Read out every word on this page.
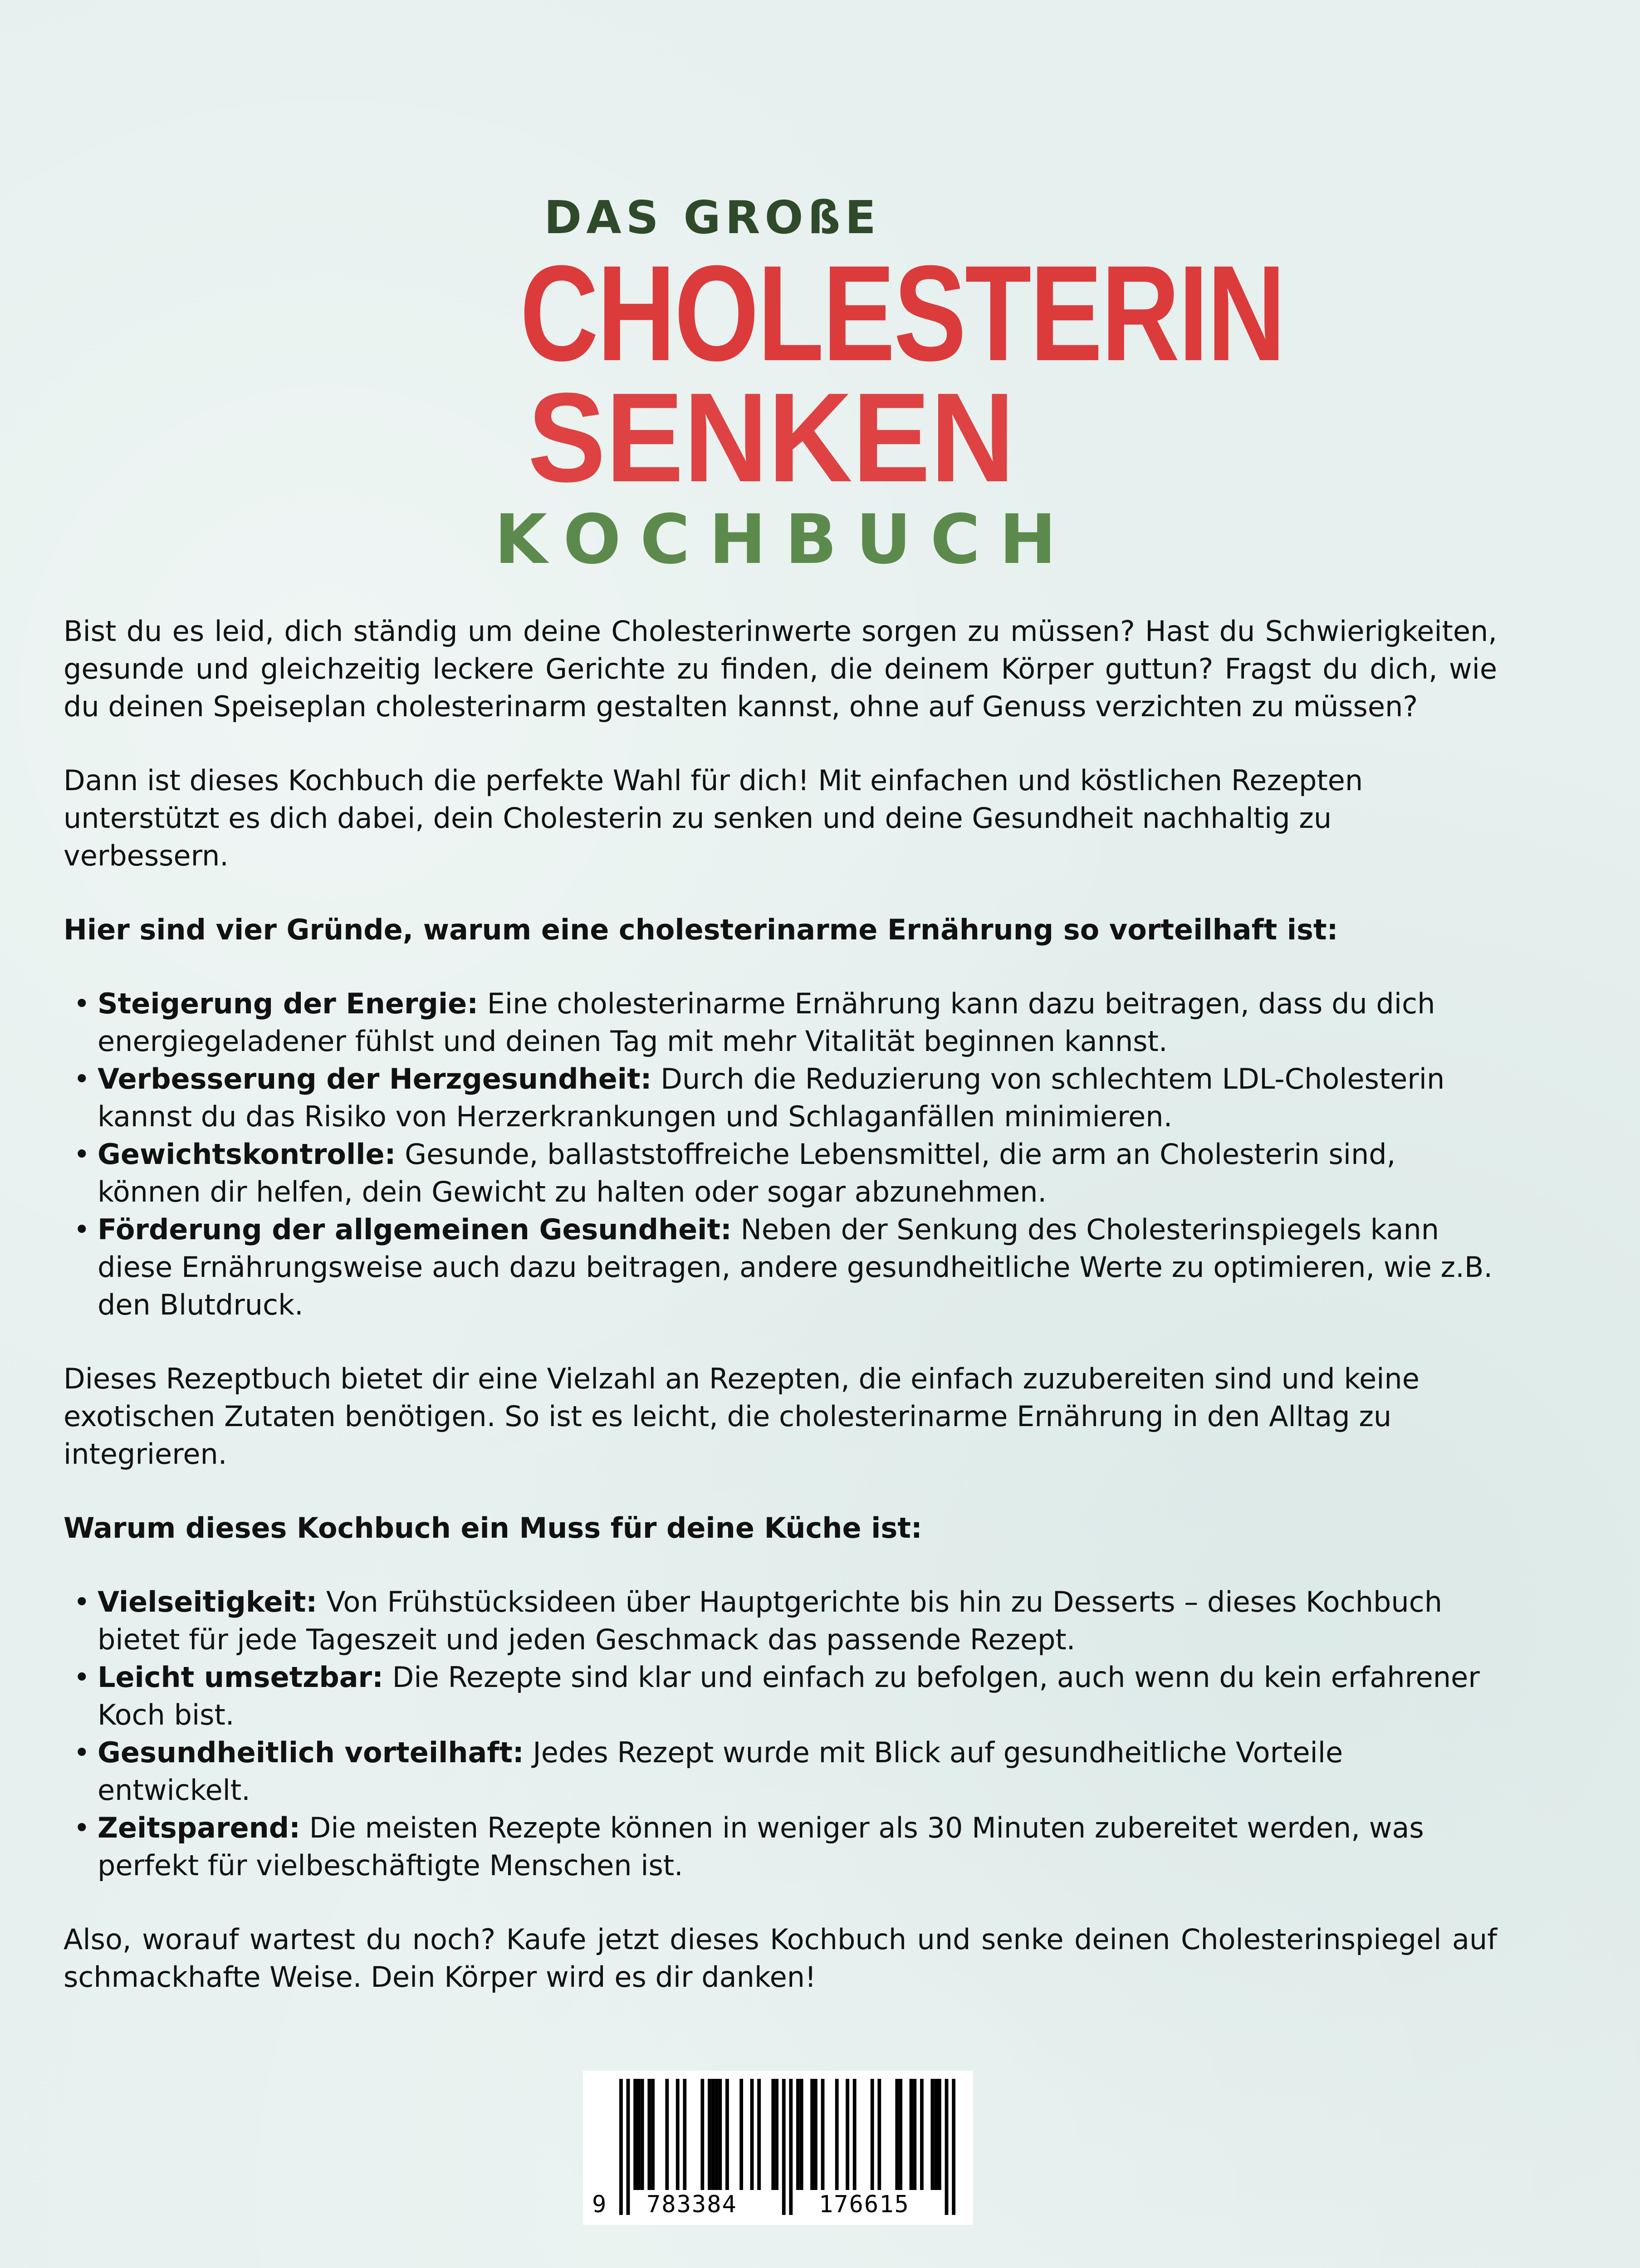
DAS GROßE
CHOLESTERIN
SENKEN
KOCHBUCH

Bist du es leid, dich ständig um deine Cholesterinwerte sorgen zu müssen? Hast du Schwierigkeiten, gesunde und gleichzeitig leckere Gerichte zu finden, die deinem Körper guttun? Fragst du dich, wie du deinen Speiseplan cholesterinarm gestalten kannst, ohne auf Genuss verzichten zu müssen?

Dann ist dieses Kochbuch die perfekte Wahl für dich! Mit einfachen und köstlichen Rezepten unterstützt es dich dabei, dein Cholesterin zu senken und deine Gesundheit nachhaltig zu verbessern.

Hier sind vier Gründe, warum eine cholesterinarme Ernährung so vorteilhaft ist:
• Steigerung der Energie: Eine cholesterinarme Ernährung kann dazu beitragen, dass du dich energiegeladener fühlst und deinen Tag mit mehr Vitalität beginnen kannst.
• Verbesserung der Herzgesundheit: Durch die Reduzierung von schlechtem LDL-Cholesterin kannst du das Risiko von Herzerkrankungen und Schlaganfällen minimieren.
• Gewichtskontrolle: Gesunde, ballaststoffreiche Lebensmittel, die arm an Cholesterin sind, können dir helfen, dein Gewicht zu halten oder sogar abzunehmen.
• Förderung der allgemeinen Gesundheit: Neben der Senkung des Cholesterinspiegels kann diese Ernährungsweise auch dazu beitragen, andere gesundheitliche Werte zu optimieren, wie z.B. den Blutdruck.

Dieses Rezeptbuch bietet dir eine Vielzahl an Rezepten, die einfach zuzubereiten sind und keine exotischen Zutaten benötigen. So ist es leicht, die cholesterinarme Ernährung in den Alltag zu integrieren.

Warum dieses Kochbuch ein Muss für deine Küche ist:
• Vielseitigkeit: Von Frühstücksideen über Hauptgerichte bis hin zu Desserts – dieses Kochbuch bietet für jede Tageszeit und jeden Geschmack das passende Rezept.
• Leicht umsetzbar: Die Rezepte sind klar und einfach zu befolgen, auch wenn du kein erfahrener Koch bist.
• Gesundheitlich vorteilhaft: Jedes Rezept wurde mit Blick auf gesundheitliche Vorteile entwickelt.
• Zeitsparend: Die meisten Rezepte können in weniger als 30 Minuten zubereitet werden, was perfekt für vielbeschäftigte Menschen ist.

Also, worauf wartest du noch? Kaufe jetzt dieses Kochbuch und senke deinen Cholesterinspiegel auf schmackhafte Weise. Dein Körper wird es dir danken!

9 783384	176615
